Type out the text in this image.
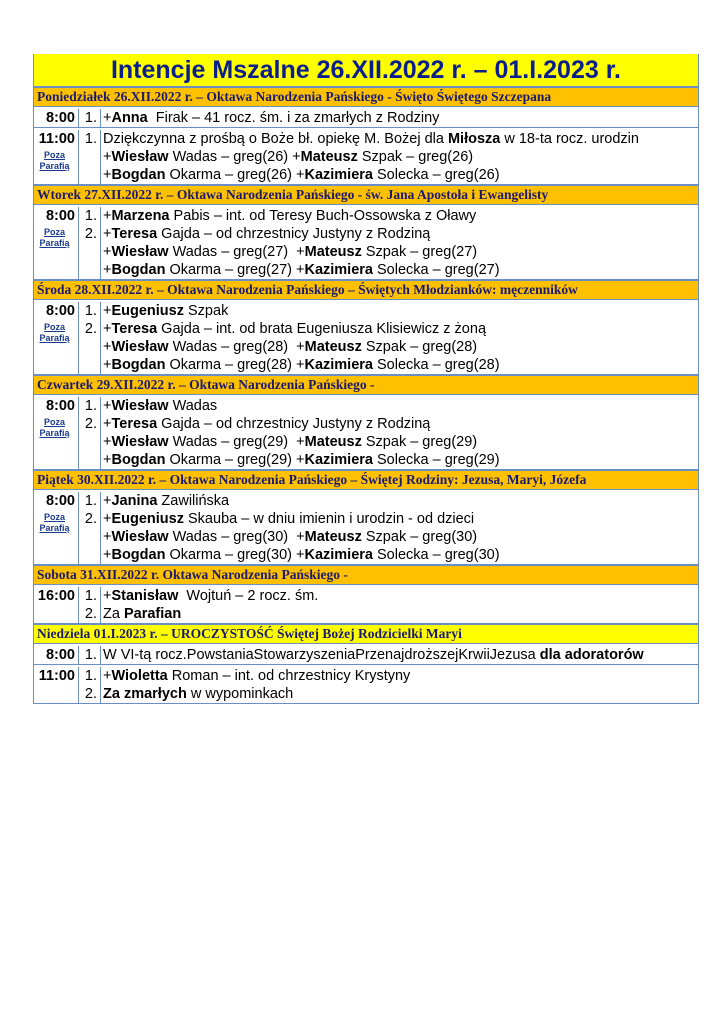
Intencje Mszalne 26.XII.2022 r. – 01.I.2023 r.
Poniedziałek 26.XII.2022 r. – Oktawa Narodzenia Pańskiego - Święto Świętego Szczepana
8:00 1. +Anna  Firak – 41 rocz. śm. i za zmarłych z Rodziny
11:00
Poza Parafią
1. Dziękczynna z prośbą o Boże bł. opiekę M. Bożej dla Miłosza w 18-ta rocz. urodzin
+Wiesław Wadas – greg(26) +Mateusz Szpak – greg(26)
+Bogdan Okarma – greg(26) +Kazimiera Solecka – greg(26)
Wtorek 27.XII.2022 r. – Oktawa Narodzenia Pańskiego - św. Jana Apostoła i Ewangelisty
8:00
Poza Parafią
1. +Marzena Pabis – int. od Teresy Buch-Ossowska z Oławy
2. +Teresa Gajda – od chrzestnicy Justyny z Rodziną
+Wiesław Wadas – greg(27)  +Mateusz Szpak – greg(27)
+Bogdan Okarma – greg(27) +Kazimiera Solecka – greg(27)
Środa 28.XII.2022 r. – Oktawa Narodzenia Pańskiego – Świętych Młodzianków: męczenników
8:00
Poza Parafią
1. +Eugeniusz Szpak
2. +Teresa Gajda – int. od brata Eugeniusza Klisiewicz z żoną
+Wiesław Wadas – greg(28)  +Mateusz Szpak – greg(28)
+Bogdan Okarma – greg(28) +Kazimiera Solecka – greg(28)
Czwartek 29.XII.2022 r. – Oktawa Narodzenia Pańskiego -
8:00
Poza Parafią
1. +Wiesław Wadas
2. +Teresa Gajda – od chrzestnicy Justyny z Rodziną
+Wiesław Wadas – greg(29)  +Mateusz Szpak – greg(29)
+Bogdan Okarma – greg(29) +Kazimiera Solecka – greg(29)
Piątek 30.XII.2022 r. – Oktawa Narodzenia Pańskiego – Świętej Rodziny: Jezusa, Maryi, Józefa
8:00
Poza Parafią
1. +Janina Zawilińska
2. +Eugeniusz Skauba – w dniu imienin i urodzin - od dzieci
+Wiesław Wadas – greg(30)  +Mateusz Szpak – greg(30)
+Bogdan Okarma – greg(30) +Kazimiera Solecka – greg(30)
Sobota 31.XII.2022 r. Oktawa Narodzenia Pańskiego -
16:00 1. +Stanisław  Wojtuń – 2 rocz. śm.
2. Za Parafian
Niedziela 01.I.2023 r. – UROCZYSTOŚĆ Świętej Bożej Rodzicielki Maryi
8:00 1. W VI-tą rocz.PowstaniaStowarzyszeniaPrzenajdroższejKrwiiJezusa dla adoratorów
11:00 1. +Wioletta Roman – int. od chrzestnicy Krystyny
2. Za zmarłych w wypominkach
